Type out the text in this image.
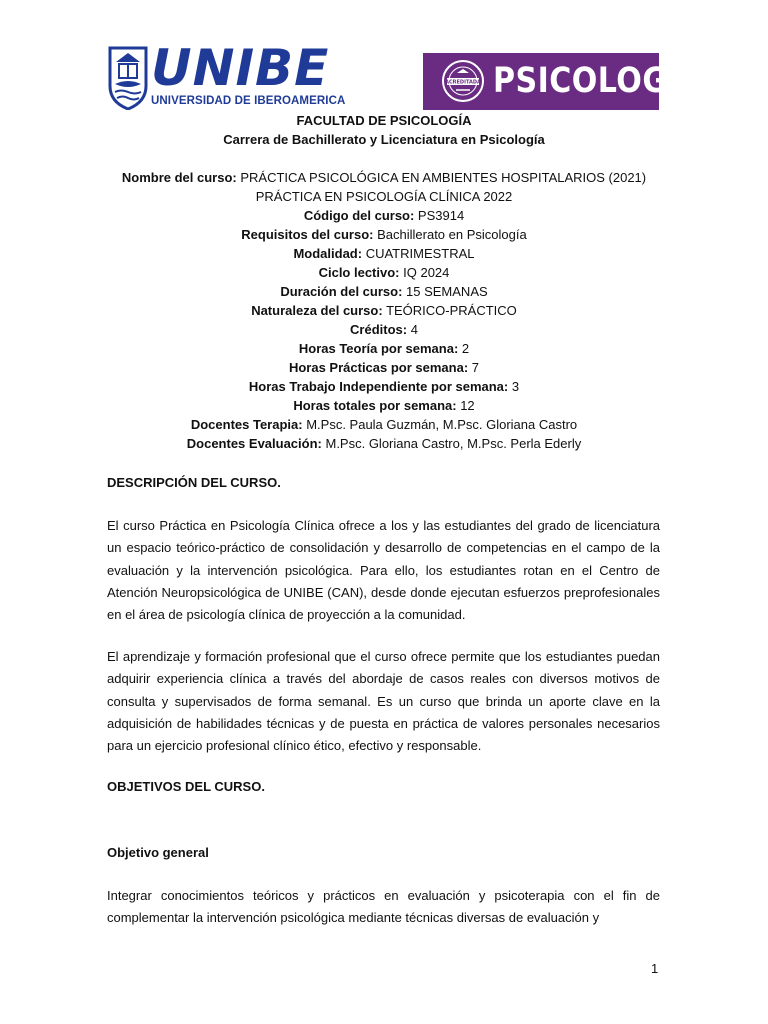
UNIBE
UNIVERSIDAD DE IBEROAMERICA
ACREDITADA PSICOLOGÍA
FACULTAD DE PSICOLOGÍA
Carrera de Bachillerato y Licenciatura en Psicología
Nombre del curso: PRÁCTICA PSICOLÓGICA EN AMBIENTES HOSPITALARIOS (2021)
PRÁCTICA EN PSICOLOGÍA CLÍNICA 2022
Código del curso: PS3914
Requisitos del curso: Bachillerato en Psicología
Modalidad: CUATRIMESTRAL
Ciclo lectivo: IQ 2024
Duración del curso: 15 SEMANAS
Naturaleza del curso: TEÓRICO-PRÁCTICO
Créditos: 4
Horas Teoría por semana: 2
Horas Prácticas por semana: 7
Horas Trabajo Independiente por semana: 3
Horas totales por semana: 12
Docentes Terapia: M.Psc. Paula Guzmán, M.Psc. Gloriana Castro
Docentes Evaluación: M.Psc. Gloriana Castro, M.Psc. Perla Ederly
DESCRIPCIÓN DEL CURSO.
El curso Práctica en Psicología Clínica ofrece a los y las estudiantes del grado de licenciatura un espacio teórico-práctico de consolidación y desarrollo de competencias en el campo de la evaluación y la intervención psicológica. Para ello, los estudiantes rotan en el Centro de Atención Neuropsicológica de UNIBE (CAN), desde donde ejecutan esfuerzos preprofesionales en el área de psicología clínica de proyección a la comunidad.
El aprendizaje y formación profesional que el curso ofrece permite que los estudiantes puedan adquirir experiencia clínica a través del abordaje de casos reales con diversos motivos de consulta y supervisados de forma semanal. Es un curso que brinda un aporte clave en la adquisición de habilidades técnicas y de puesta en práctica de valores personales necesarios para un ejercicio profesional clínico ético, efectivo y responsable.
OBJETIVOS DEL CURSO.
Objetivo general
Integrar conocimientos teóricos y prácticos en evaluación y psicoterapia con el fin de complementar la intervención psicológica mediante técnicas diversas de evaluación y
1
